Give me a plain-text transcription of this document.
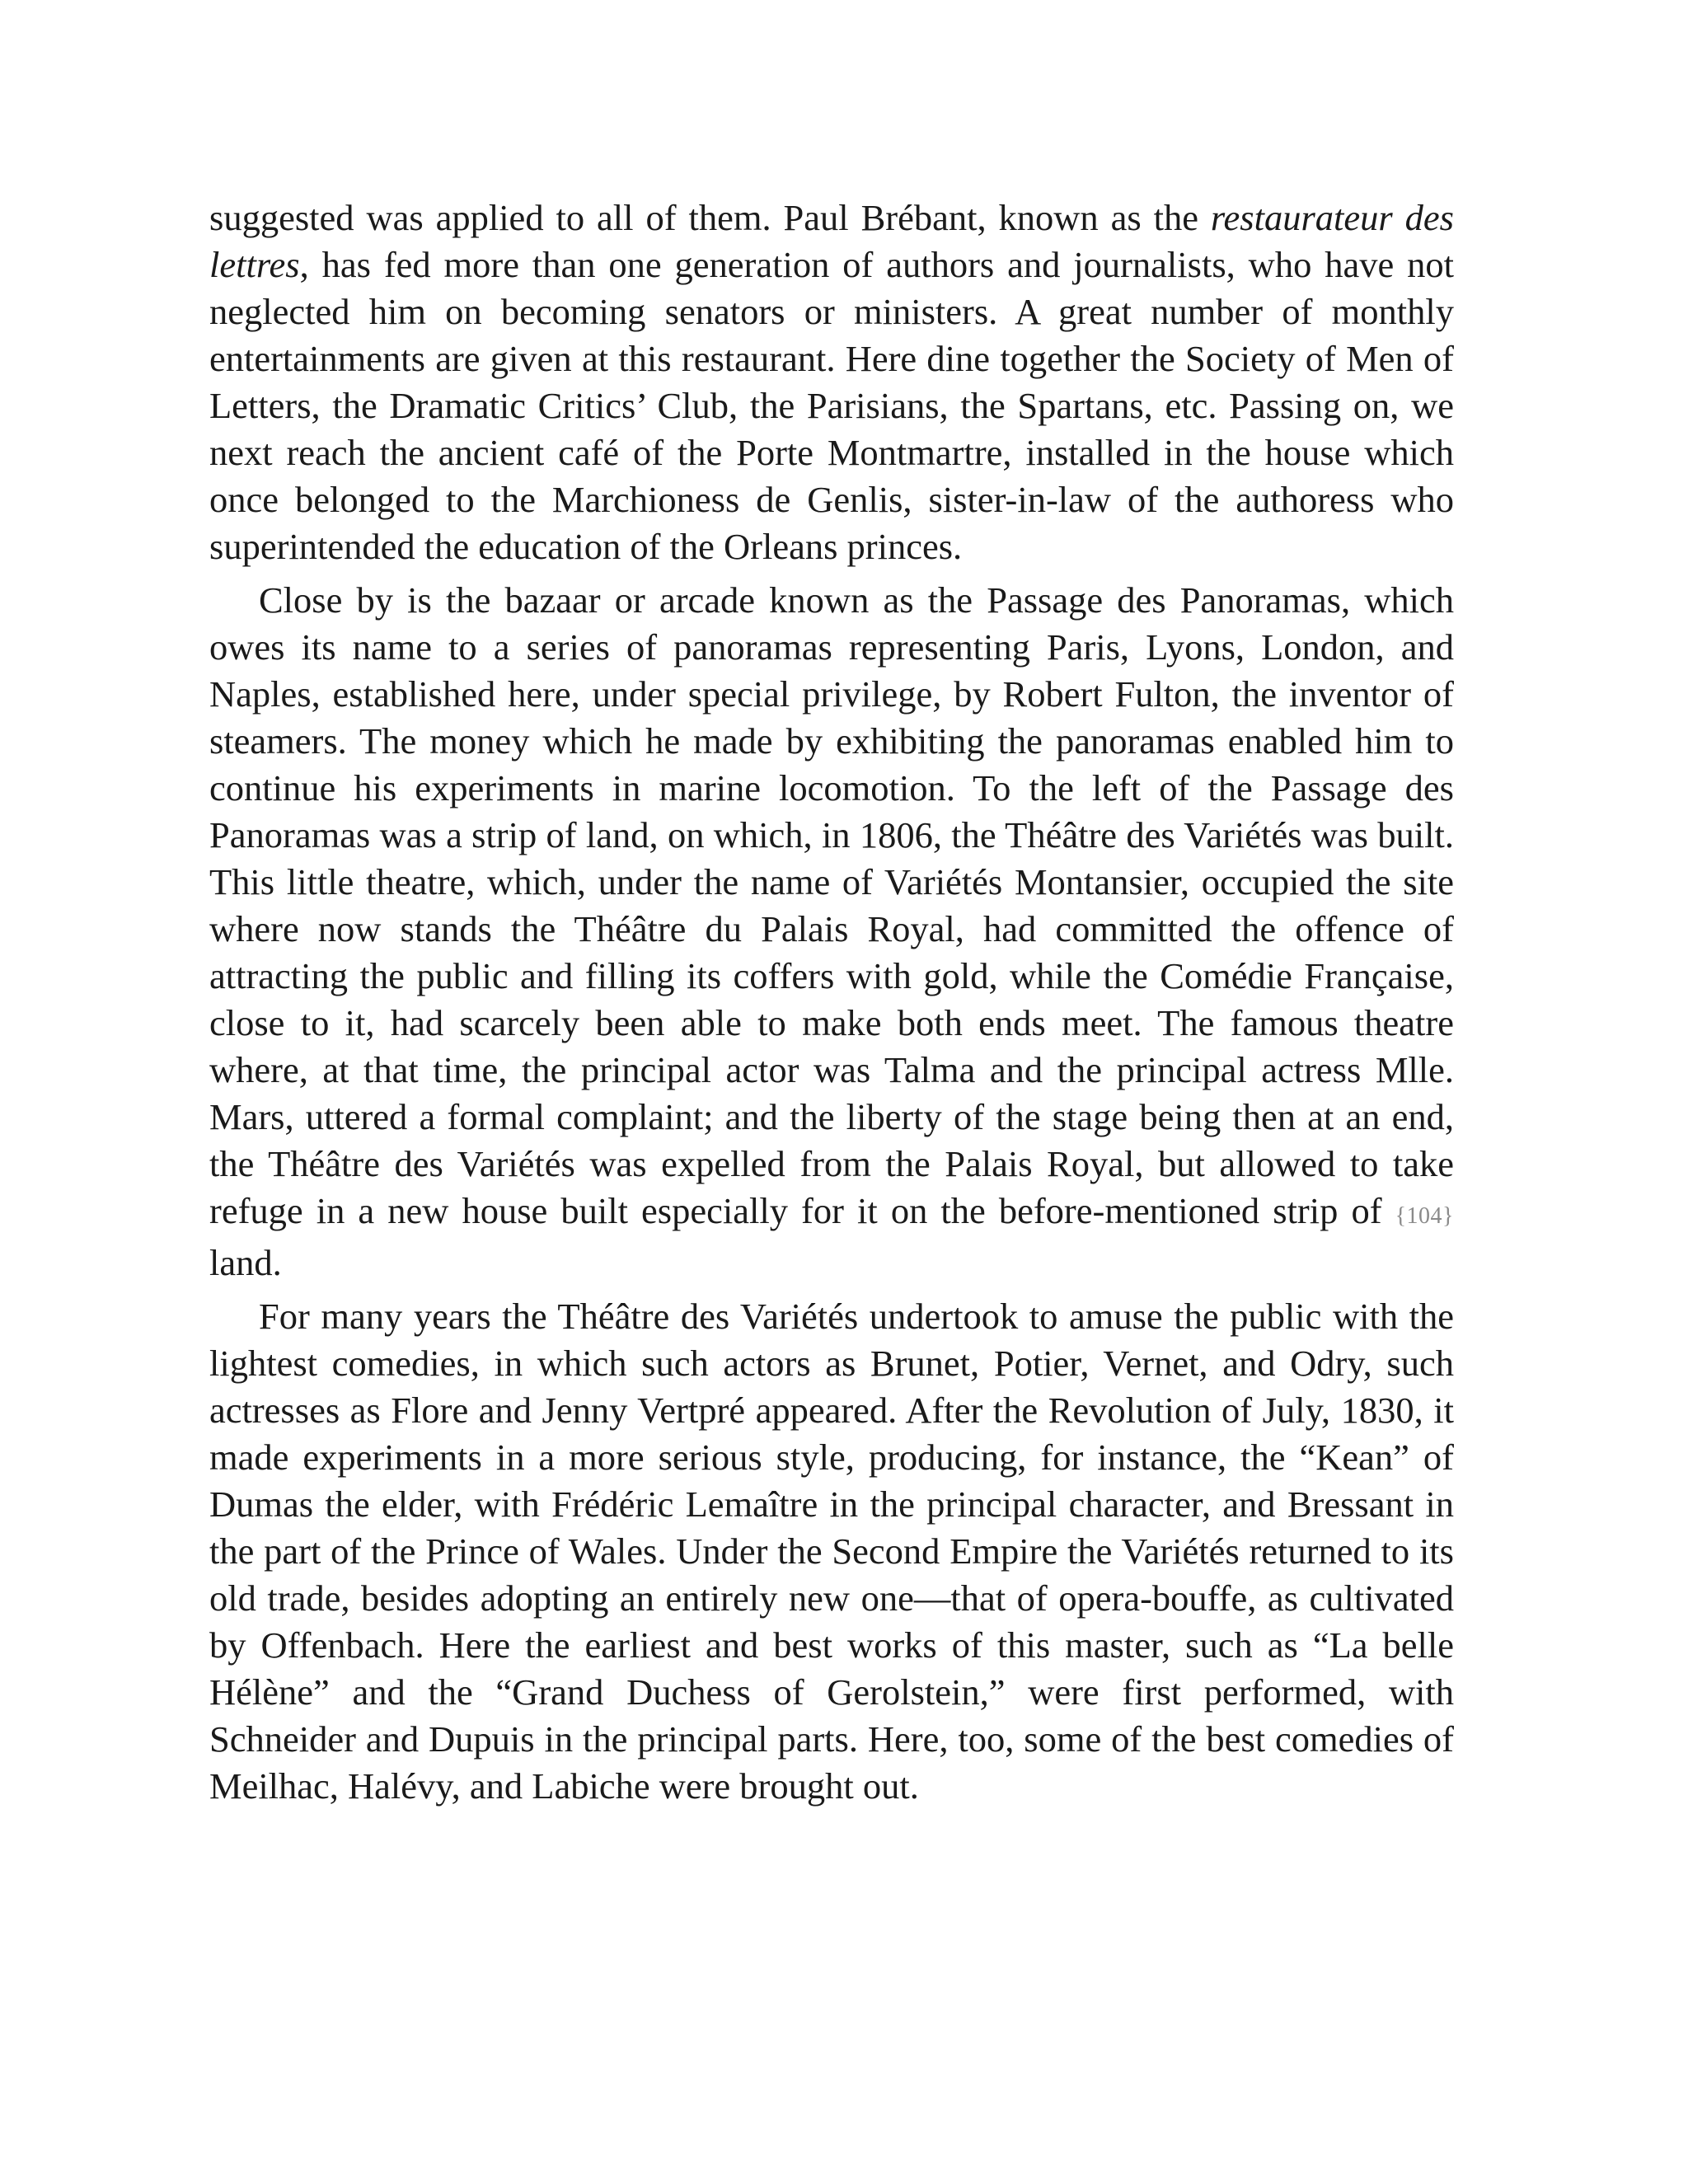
suggested was applied to all of them. Paul Brébant, known as the restaurateur des lettres, has fed more than one generation of authors and journalists, who have not neglected him on becoming senators or ministers. A great number of monthly entertainments are given at this restaurant. Here dine together the Society of Men of Letters, the Dramatic Critics’ Club, the Parisians, the Spartans, etc. Passing on, we next reach the ancient café of the Porte Montmartre, installed in the house which once belonged to the Marchioness de Genlis, sister-in-law of the authoress who superintended the education of the Orleans princes.

Close by is the bazaar or arcade known as the Passage des Panoramas, which owes its name to a series of panoramas representing Paris, Lyons, London, and Naples, established here, under special privilege, by Robert Fulton, the inventor of steamers. The money which he made by exhibiting the panoramas enabled him to continue his experiments in marine locomotion. To the left of the Passage des Panoramas was a strip of land, on which, in 1806, the Théâtre des Variétés was built. This little theatre, which, under the name of Variétés Montansier, occupied the site where now stands the Théâtre du Palais Royal, had committed the offence of attracting the public and filling its coffers with gold, while the Comédie Française, close to it, had scarcely been able to make both ends meet. The famous theatre where, at that time, the principal actor was Talma and the principal actress Mlle. Mars, uttered a formal complaint; and the liberty of the stage being then at an end, the Théâtre des Variétés was expelled from the Palais Royal, but allowed to take refuge in a new house built especially for it on the before-mentioned strip of {104} land.

For many years the Théâtre des Variétés undertook to amuse the public with the lightest comedies, in which such actors as Brunet, Potier, Vernet, and Odry, such actresses as Flore and Jenny Vertpré appeared. After the Revolution of July, 1830, it made experiments in a more serious style, producing, for instance, the “Kean” of Dumas the elder, with Frédéric Lemaître in the principal character, and Bressant in the part of the Prince of Wales. Under the Second Empire the Variétés returned to its old trade, besides adopting an entirely new one—that of opera-bouffe, as cultivated by Offenbach. Here the earliest and best works of this master, such as “La belle Hélène” and the “Grand Duchess of Gerolstein,” were first performed, with Schneider and Dupuis in the principal parts. Here, too, some of the best comedies of Meilhac, Halévy, and Labiche were brought out.
